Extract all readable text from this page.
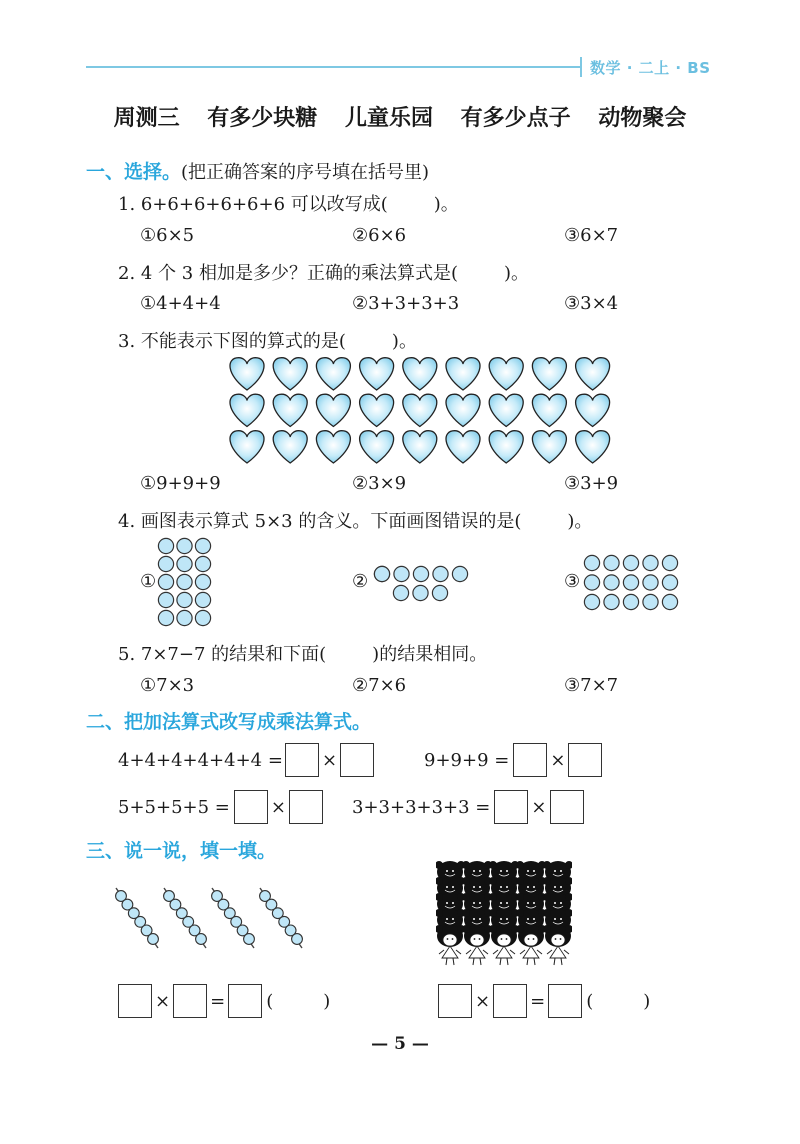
数学 · 二上 · BS
周测三 有多少块糖 儿童乐园 有多少点子 动物聚会
一、选择。(把正确答案的序号填在括号里)
1. 6+6+6+6+6+6 可以改写成(	)。
①6×5	②6×6	③6×7
2. 4 个 3 相加是多少？正确的乘法算式是(	)。
①4+4+4	②3+3+3+3	③3×4
3. 不能表示下图的算式的是(	)。
①9+9+9	②3×9	③3+9
4. 画图表示算式 5×3 的含义。下面画图错误的是(	)。
①	②	③
5. 7×7−7 的结果和下面(	)的结果相同。
①7×3	②7×6	③7×7
二、把加法算式改写成乘法算式。
4+4+4+4+4+4 = ×	9+9+9 = ×
5+5+5+5 = ×	3+3+3+3+3 = ×
三、说一说，填一填。
× = (	)	× = (	)
— 5 —
